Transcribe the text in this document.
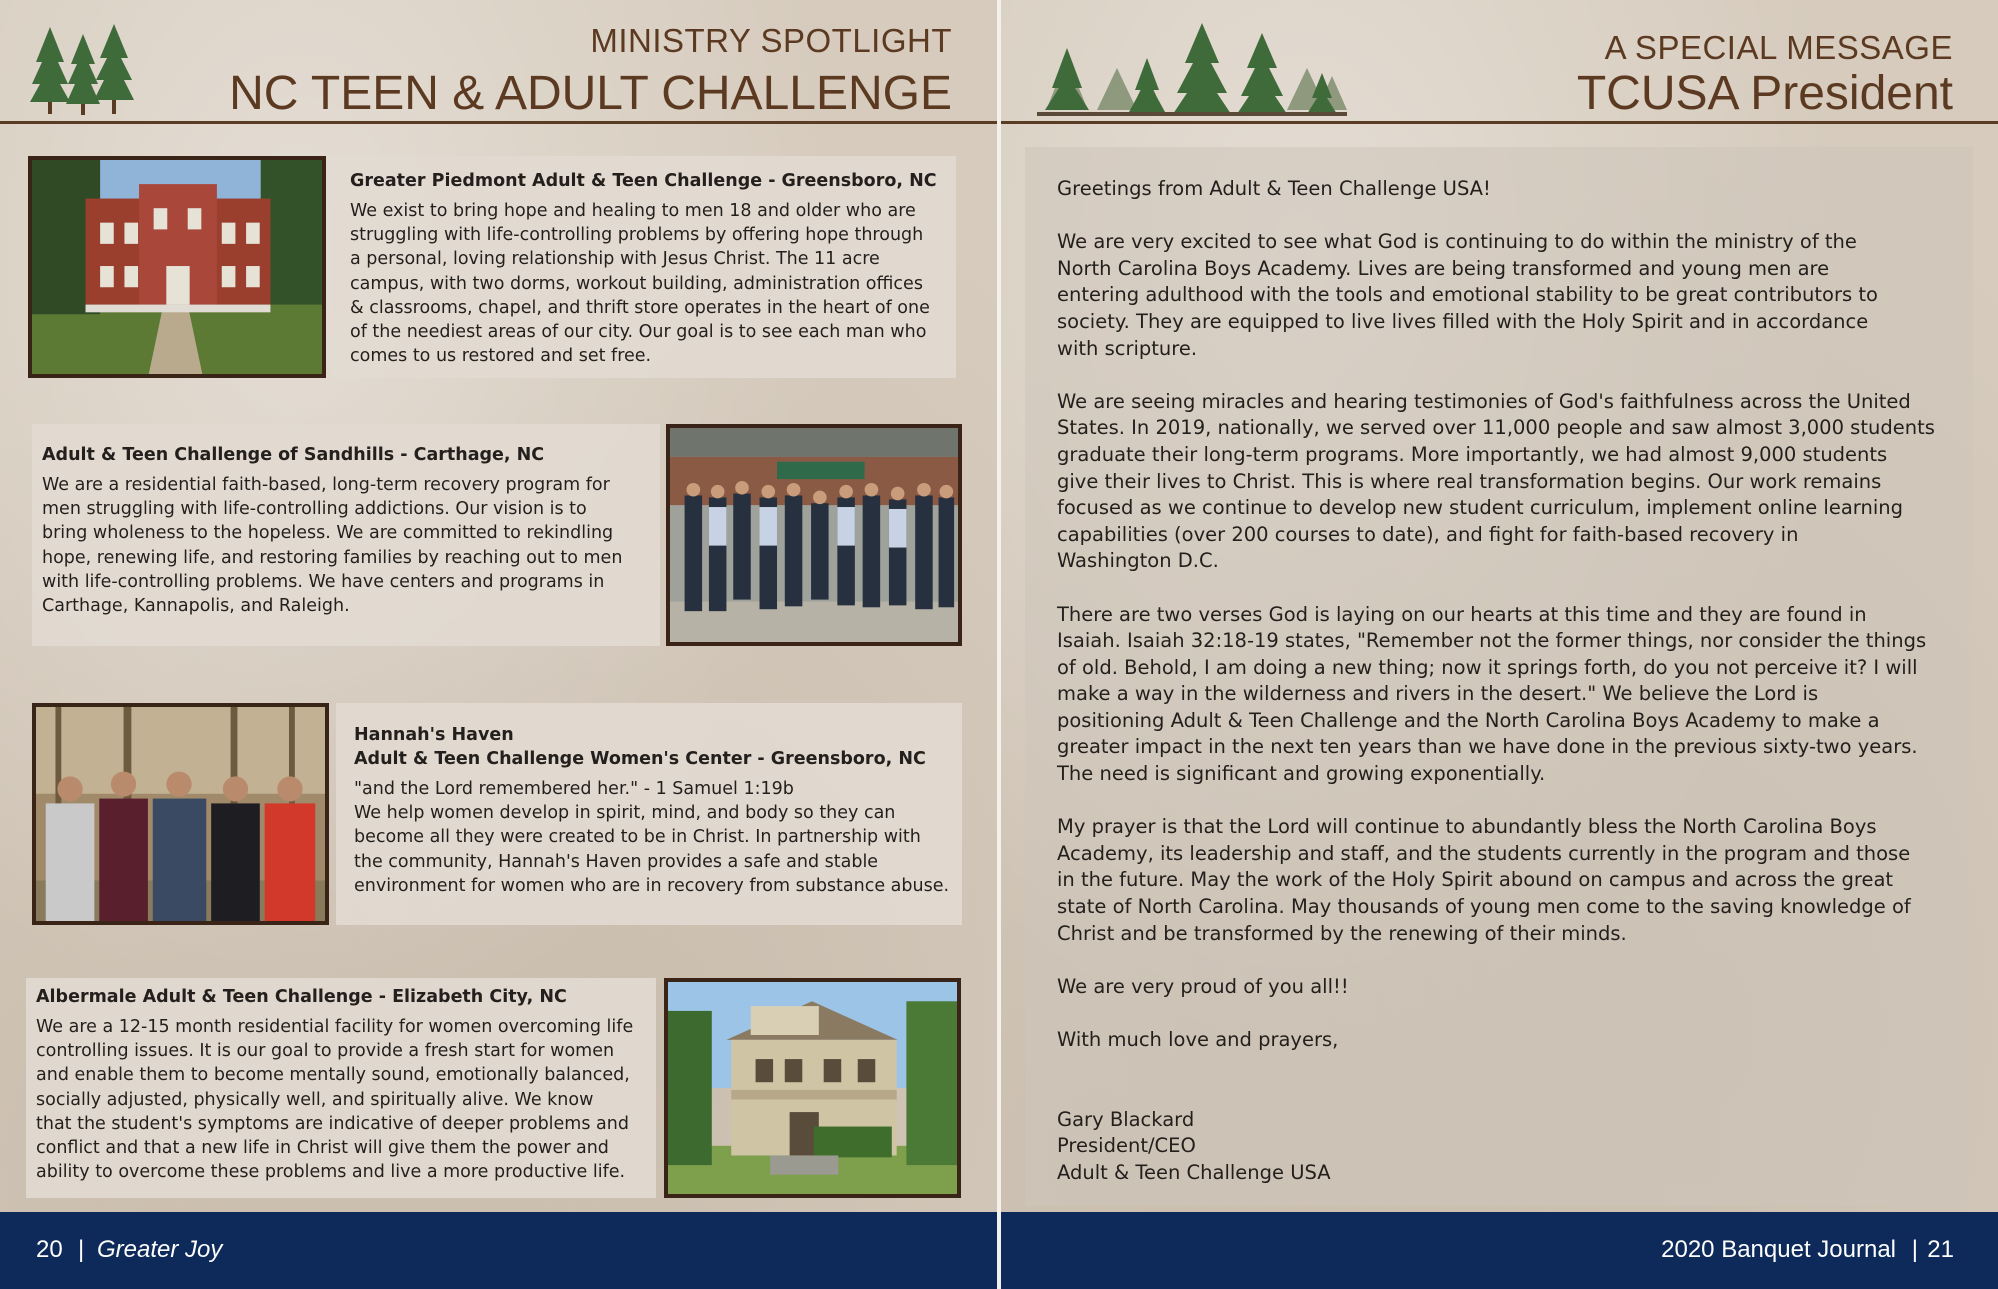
MINISTRY SPOTLIGHT
NC TEEN & ADULT CHALLENGE
Greater Piedmont Adult & Teen Challenge - Greensboro, NC
We exist to bring hope and healing to men 18 and older who are
struggling with life-controlling problems by offering hope through
a personal, loving relationship with Jesus Christ. The 11 acre
campus, with two dorms, workout building, administration offices
& classrooms, chapel, and thrift store operates in the heart of one
of the neediest areas of our city. Our goal is to see each man who
comes to us restored and set free.
Adult & Teen Challenge of Sandhills - Carthage, NC
We are a residential faith-based, long-term recovery program for
men struggling with life-controlling addictions. Our vision is to
bring wholeness to the hopeless. We are committed to rekindling
hope, renewing life, and restoring families by reaching out to men
with life-controlling problems. We have centers and programs in
Carthage, Kannapolis, and Raleigh.
Hannah's Haven
Adult & Teen Challenge Women's Center - Greensboro, NC
"and the Lord remembered her." - 1 Samuel 1:19b
We help women develop in spirit, mind, and body so they can
become all they were created to be in Christ. In partnership with
the community, Hannah's Haven provides a safe and stable
environment for women who are in recovery from substance abuse.
Albermale Adult & Teen Challenge - Elizabeth City, NC
We are a 12-15 month residential facility for women overcoming life
controlling issues. It is our goal to provide a fresh start for women
and enable them to become mentally sound, emotionally balanced,
socially adjusted, physically well, and spiritually alive. We know
that the student's symptoms are indicative of deeper problems and
conflict and that a new life in Christ will give them the power and
ability to overcome these problems and live a more productive life.
20 | Greater Joy
A SPECIAL MESSAGE
TCUSA President
Greetings from Adult & Teen Challenge USA!
We are very excited to see what God is continuing to do within the ministry of the
North Carolina Boys Academy. Lives are being transformed and young men are
entering adulthood with the tools and emotional stability to be great contributors to
society. They are equipped to live lives filled with the Holy Spirit and in accordance
with scripture.
We are seeing miracles and hearing testimonies of God's faithfulness across the United
States. In 2019, nationally, we served over 11,000 people and saw almost 3,000 students
graduate their long-term programs. More importantly, we had almost 9,000 students
give their lives to Christ. This is where real transformation begins. Our work remains
focused as we continue to develop new student curriculum, implement online learning
capabilities (over 200 courses to date), and fight for faith-based recovery in
Washington D.C.
There are two verses God is laying on our hearts at this time and they are found in
Isaiah. Isaiah 32:18-19 states, "Remember not the former things, nor consider the things
of old. Behold, I am doing a new thing; now it springs forth, do you not perceive it? I will
make a way in the wilderness and rivers in the desert." We believe the Lord is
positioning Adult & Teen Challenge and the North Carolina Boys Academy to make a
greater impact in the next ten years than we have done in the previous sixty-two years.
The need is significant and growing exponentially.
My prayer is that the Lord will continue to abundantly bless the North Carolina Boys
Academy, its leadership and staff, and the students currently in the program and those
in the future. May the work of the Holy Spirit abound on campus and across the great
state of North Carolina. May thousands of young men come to the saving knowledge of
Christ and be transformed by the renewing of their minds.
We are very proud of you all!!
With much love and prayers,
Gary Blackard
President/CEO
Adult & Teen Challenge USA
2020 Banquet Journal | 21
